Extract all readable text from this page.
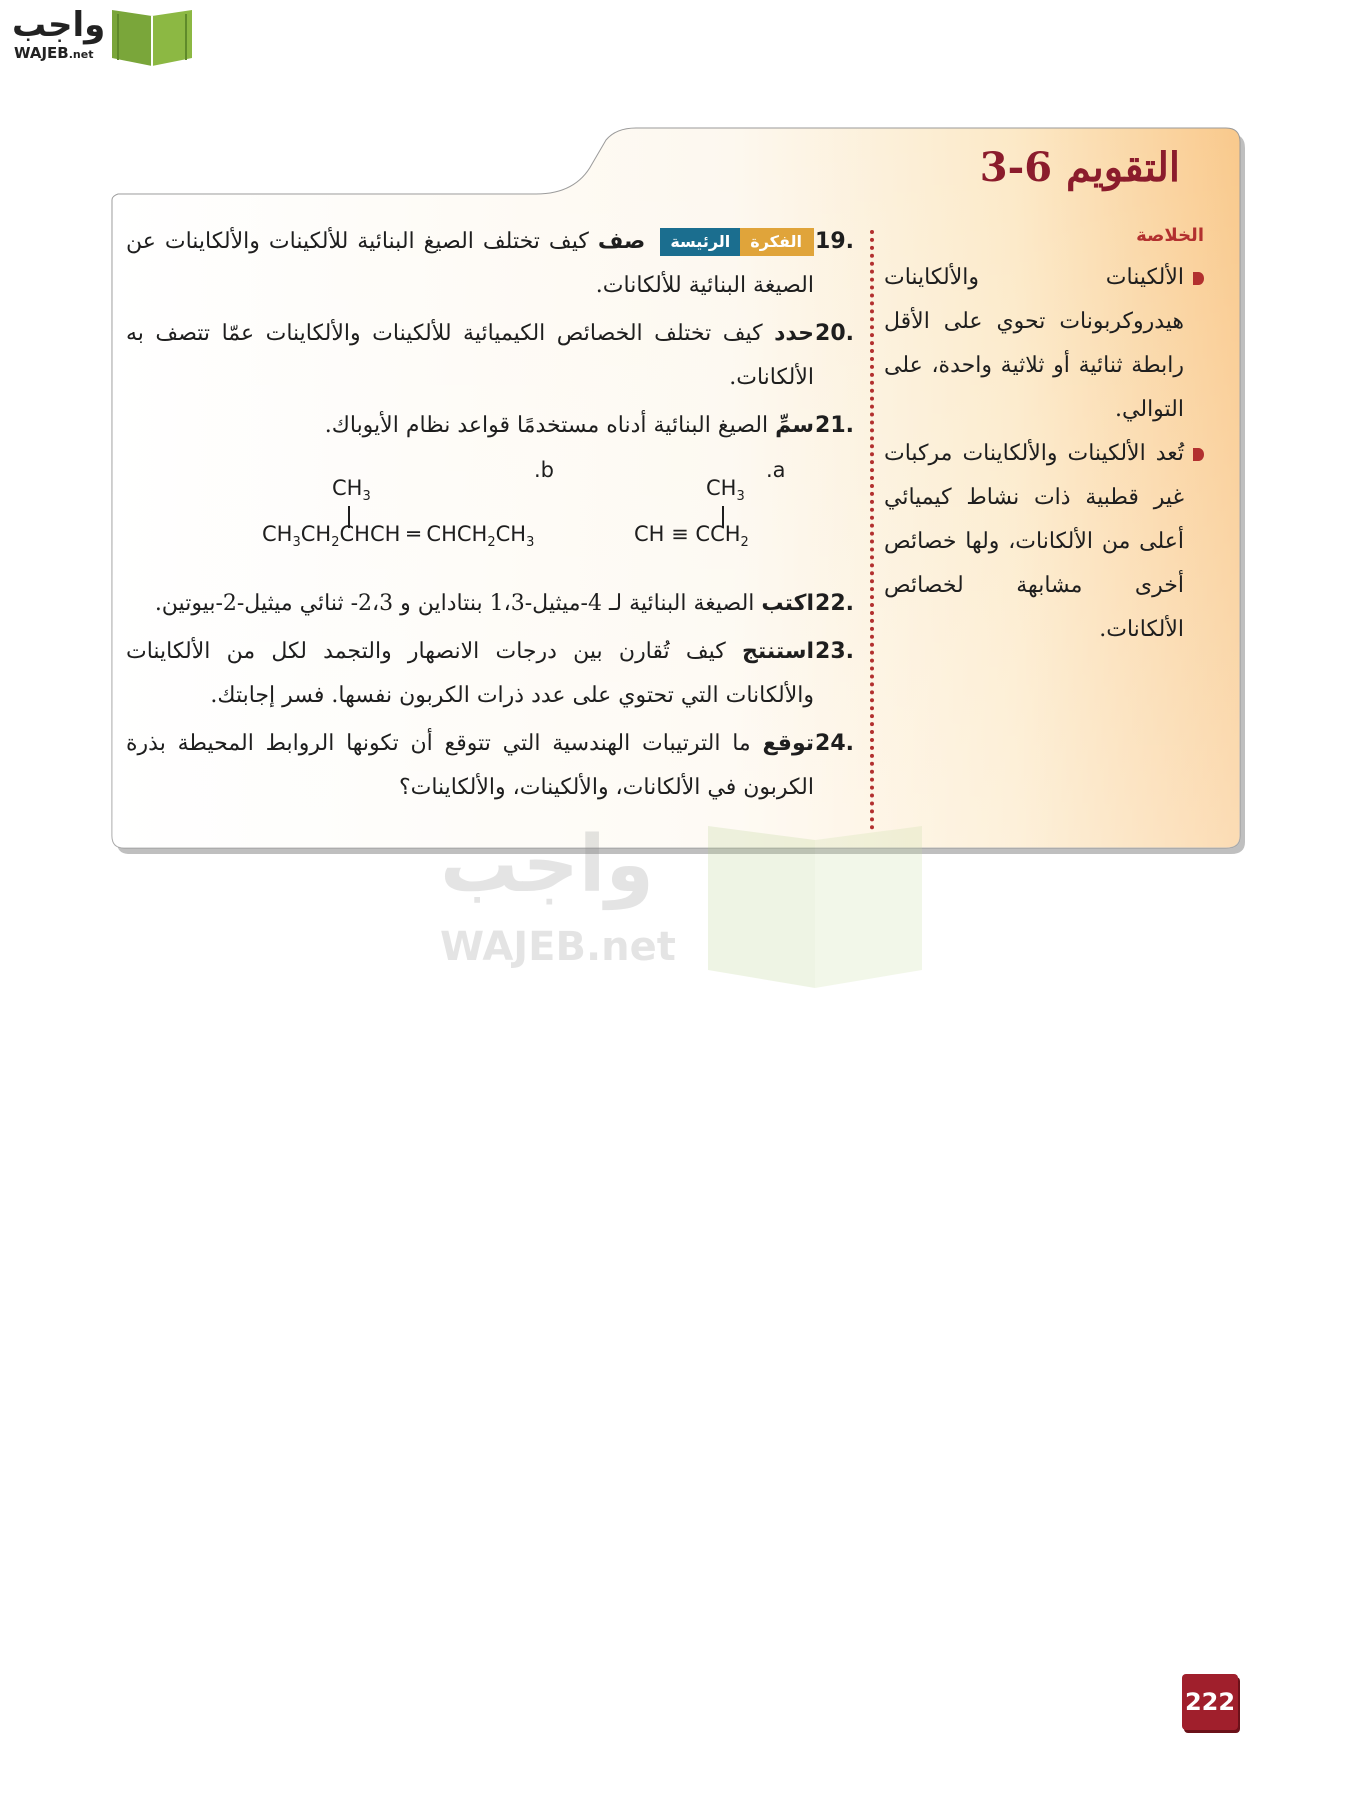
واجب
WAJEB.net
التقويم 6-3
الخلاصة
الألكينات والألكاينات هيدروكربونات تحوي على الأقل رابطة ثنائية أو ثلاثية واحدة، على التوالي.
تُعد الألكينات والألكاينات مركبات غير قطبية ذات نشاط كيميائي أعلى من الألكانات، ولها خصائص أخرى مشابهة لخصائص الألكانات.
.19
الفكرةالرئيسة صف كيف تختلف الصيغ البنائية للألكينات والألكاينات عن الصيغة البنائية للألكانات.
.20
حدد كيف تختلف الخصائص الكيميائية للألكينات والألكاينات عمّا تتصف به الألكانات.
.21
سمِّ الصيغ البنائية أدناه مستخدمًا قواعد نظام الأيوباك.
.a
$CH_3$
CH ≡ $CCH_2$
.b
$CH_3$
$CH_3CH_2CHCH$ ═ $CHCH_2CH_3$
.22
اكتب الصيغة البنائية لـ 4-ميثيل-1،3 بنتاداين و 2،3- ثنائي ميثيل-2-بيوتين.
.23
استنتج كيف تُقارن بين درجات الانصهار والتجمد لكل من الألكاينات والألكانات التي تحتوي على عدد ذرات الكربون نفسها. فسر إجابتك.
.24
توقع ما الترتيبات الهندسية التي تتوقع أن تكونها الروابط المحيطة بذرة الكربون في الألكانات، والألكينات، والألكاينات؟
واجب
WAJEB.net
222
